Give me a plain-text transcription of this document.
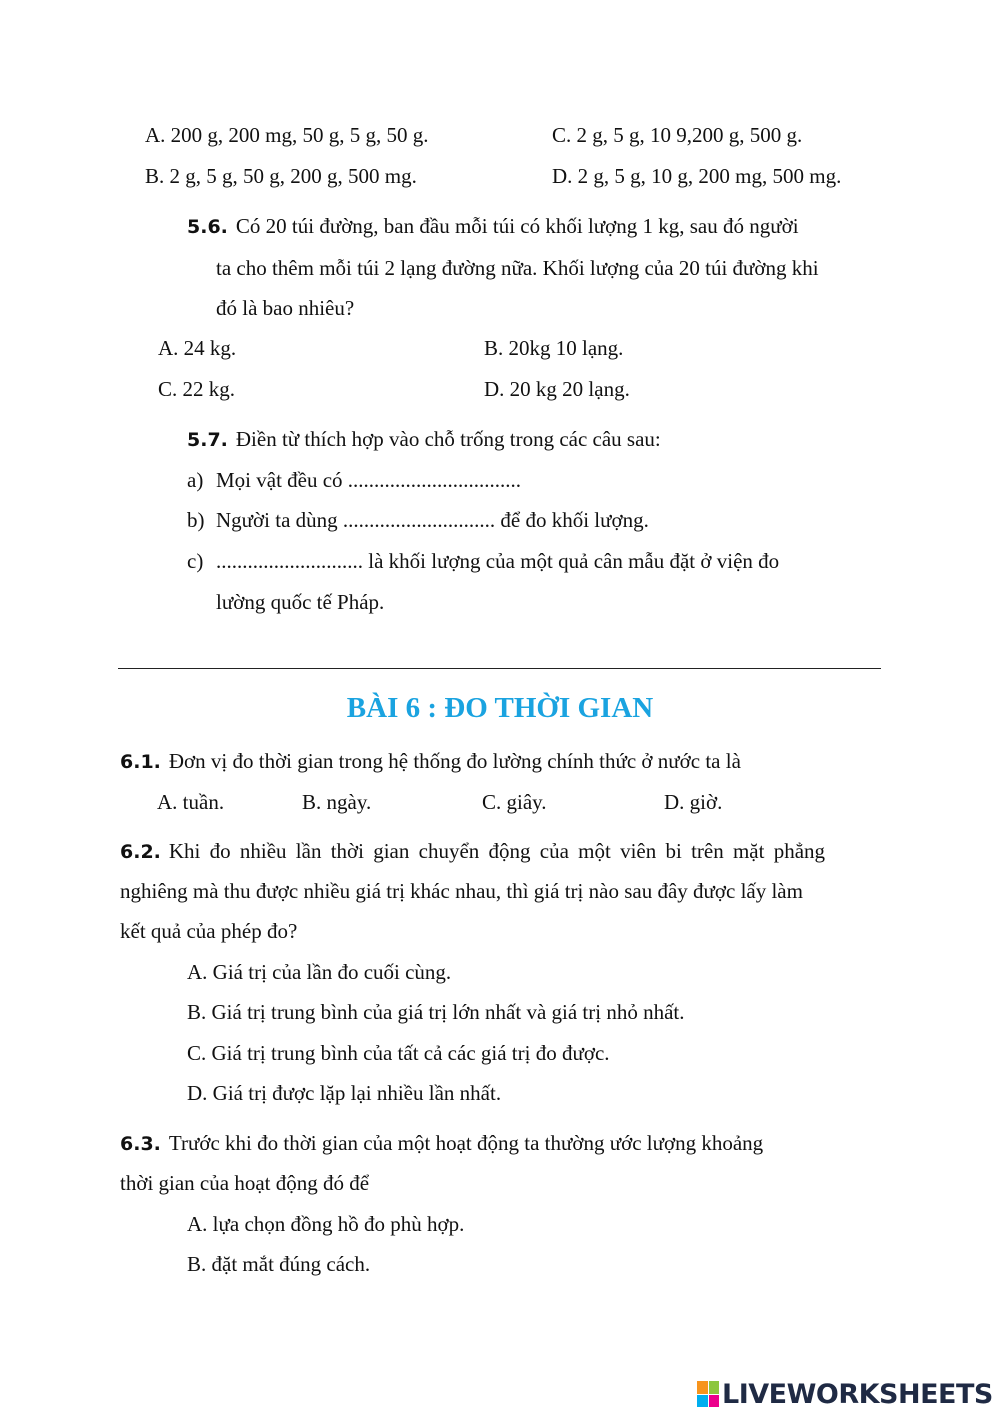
A. 200 g, 200 mg, 50 g, 5 g, 50 g.	C. 2 g, 5 g, 10 9,200 g, 500 g.
B. 2 g, 5 g, 50 g, 200 g, 500 mg.	D. 2 g, 5 g, 10 g, 200 mg, 500 mg.
5.6. Có 20 túi đường, ban đầu mỗi túi có khối lượng 1 kg, sau đó người
ta cho thêm mỗi túi 2 lạng đường nữa. Khối lượng của 20 túi đường khi
đó là bao nhiêu?
A. 24 kg.	B. 20kg 10 lạng.
C. 22 kg.	D. 20 kg 20 lạng.
5.7. Điền từ thích hợp vào chỗ trống trong các câu sau:
a) Mọi vật đều có .................................
b) Người ta dùng ............................. để đo khối lượng.
c) ............................ là khối lượng của một quả cân mẫu đặt ở viện đo
lường quốc tế Pháp.
BÀI 6 : ĐO THỜI GIAN
6.1. Đơn vị đo thời gian trong hệ thống đo lường chính thức ở nước ta là
A. tuần.	B. ngày.	C. giây.	D. giờ.
6.2. Khi đo nhiều lần thời gian chuyển động của một viên bi trên mặt phẳng
nghiêng mà thu được nhiều giá trị khác nhau, thì giá trị nào sau đây được lấy làm
kết quả của phép đo?
A. Giá trị của lần đo cuối cùng.
B. Giá trị trung bình của giá trị lớn nhất và giá trị nhỏ nhất.
C. Giá trị trung bình của tất cả các giá trị đo được.
D. Giá trị được lặp lại nhiều lần nhất.
6.3. Trước khi đo thời gian của một hoạt động ta thường ước lượng khoảng
thời gian của hoạt động đó để
A. lựa chọn đồng hồ đo phù hợp.
B. đặt mắt đúng cách.
LIVEWORKSHEETS
